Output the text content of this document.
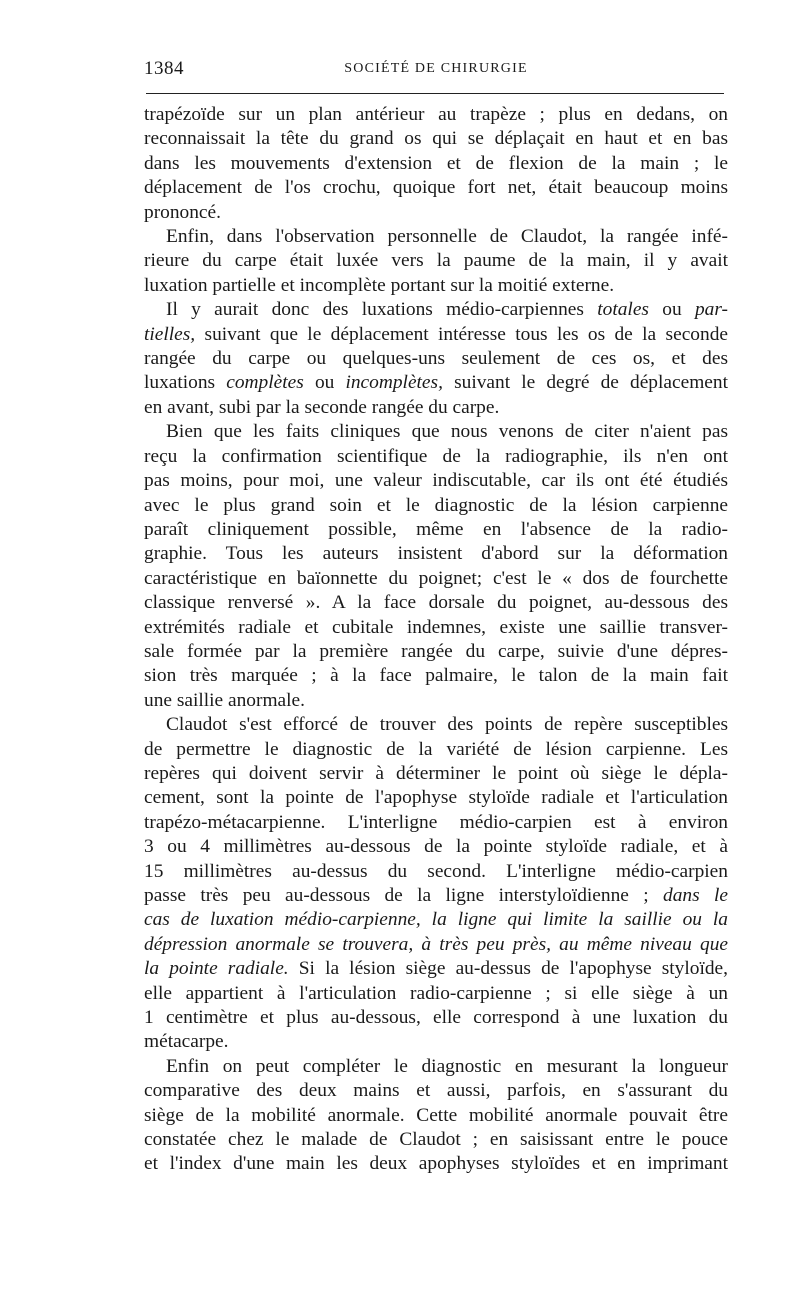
1384	SOCIÉTÉ DE CHIRURGIE
trapézoïde sur un plan antérieur au trapèze ; plus en dedans, on
reconnaissait la tête du grand os qui se déplaçait en haut et en bas
dans les mouvements d'extension et de flexion de la main ; le
déplacement de l'os crochu, quoique fort net, était beaucoup moins
prononcé.
Enfin, dans l'observation personnelle de Claudot, la rangée infé-
rieure du carpe était luxée vers la paume de la main, il y avait
luxation partielle et incomplète portant sur la moitié externe.
Il y aurait donc des luxations médio-carpiennes totales ou par-
tielles, suivant que le déplacement intéresse tous les os de la seconde
rangée du carpe ou quelques-uns seulement de ces os, et des
luxations complètes ou incomplètes, suivant le degré de déplacement
en avant, subi par la seconde rangée du carpe.
Bien que les faits cliniques que nous venons de citer n'aient pas
reçu la confirmation scientifique de la radiographie, ils n'en ont
pas moins, pour moi, une valeur indiscutable, car ils ont été étudiés
avec le plus grand soin et le diagnostic de la lésion carpienne
paraît cliniquement possible, même en l'absence de la radio-
graphie. Tous les auteurs insistent d'abord sur la déformation
caractéristique en baïonnette du poignet; c'est le « dos de fourchette
classique renversé ». A la face dorsale du poignet, au-dessous des
extrémités radiale et cubitale indemnes, existe une saillie transver-
sale formée par la première rangée du carpe, suivie d'une dépres-
sion très marquée ; à la face palmaire, le talon de la main fait
une saillie anormale.
Claudot s'est efforcé de trouver des points de repère susceptibles
de permettre le diagnostic de la variété de lésion carpienne. Les
repères qui doivent servir à déterminer le point où siège le dépla-
cement, sont la pointe de l'apophyse styloïde radiale et l'articulation
trapézo-métacarpienne. L'interligne médio-carpien est à environ
3 ou 4 millimètres au-dessous de la pointe styloïde radiale, et à
15 millimètres au-dessus du second. L'interligne médio-carpien
passe très peu au-dessous de la ligne interstyloïdienne ; dans le
cas de luxation médio-carpienne, la ligne qui limite la saillie ou la
dépression anormale se trouvera, à très peu près, au même niveau que
la pointe radiale. Si la lésion siège au-dessus de l'apophyse styloïde,
elle appartient à l'articulation radio-carpienne ; si elle siège à un
1 centimètre et plus au-dessous, elle correspond à une luxation du
métacarpe.
Enfin on peut compléter le diagnostic en mesurant la longueur
comparative des deux mains et aussi, parfois, en s'assurant du
siège de la mobilité anormale. Cette mobilité anormale pouvait être
constatée chez le malade de Claudot ; en saisissant entre le pouce
et l'index d'une main les deux apophyses styloïdes et en imprimant
